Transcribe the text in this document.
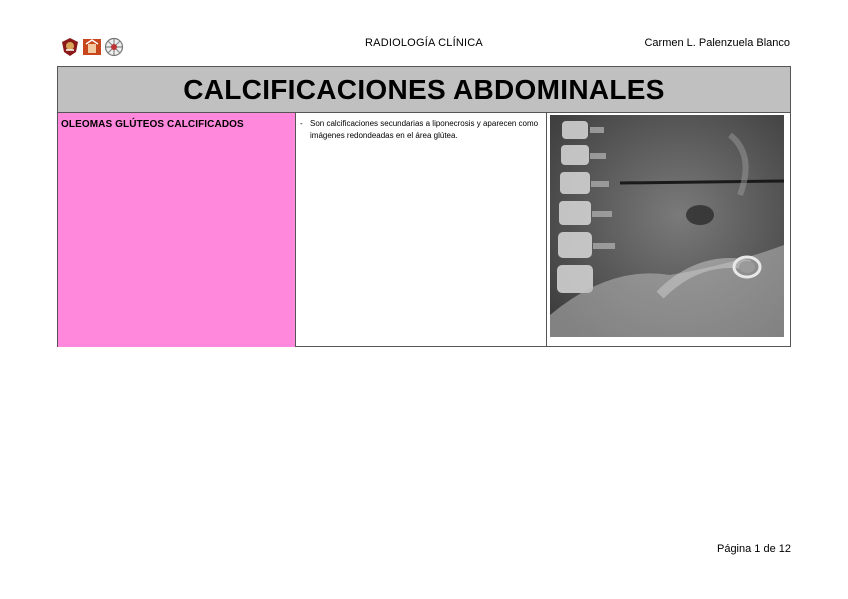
RADIOLOGÍA CLÍNICA	Carmen L. Palenzuela Blanco
CALCIFICACIONES ABDOMINALES
OLEOMAS GLÚTEOS CALCIFICADOS	- Son calcificaciones secundarias a liponecrosis y aparecen como imágenes redondeadas en el área glútea.
Página 1 de 12
